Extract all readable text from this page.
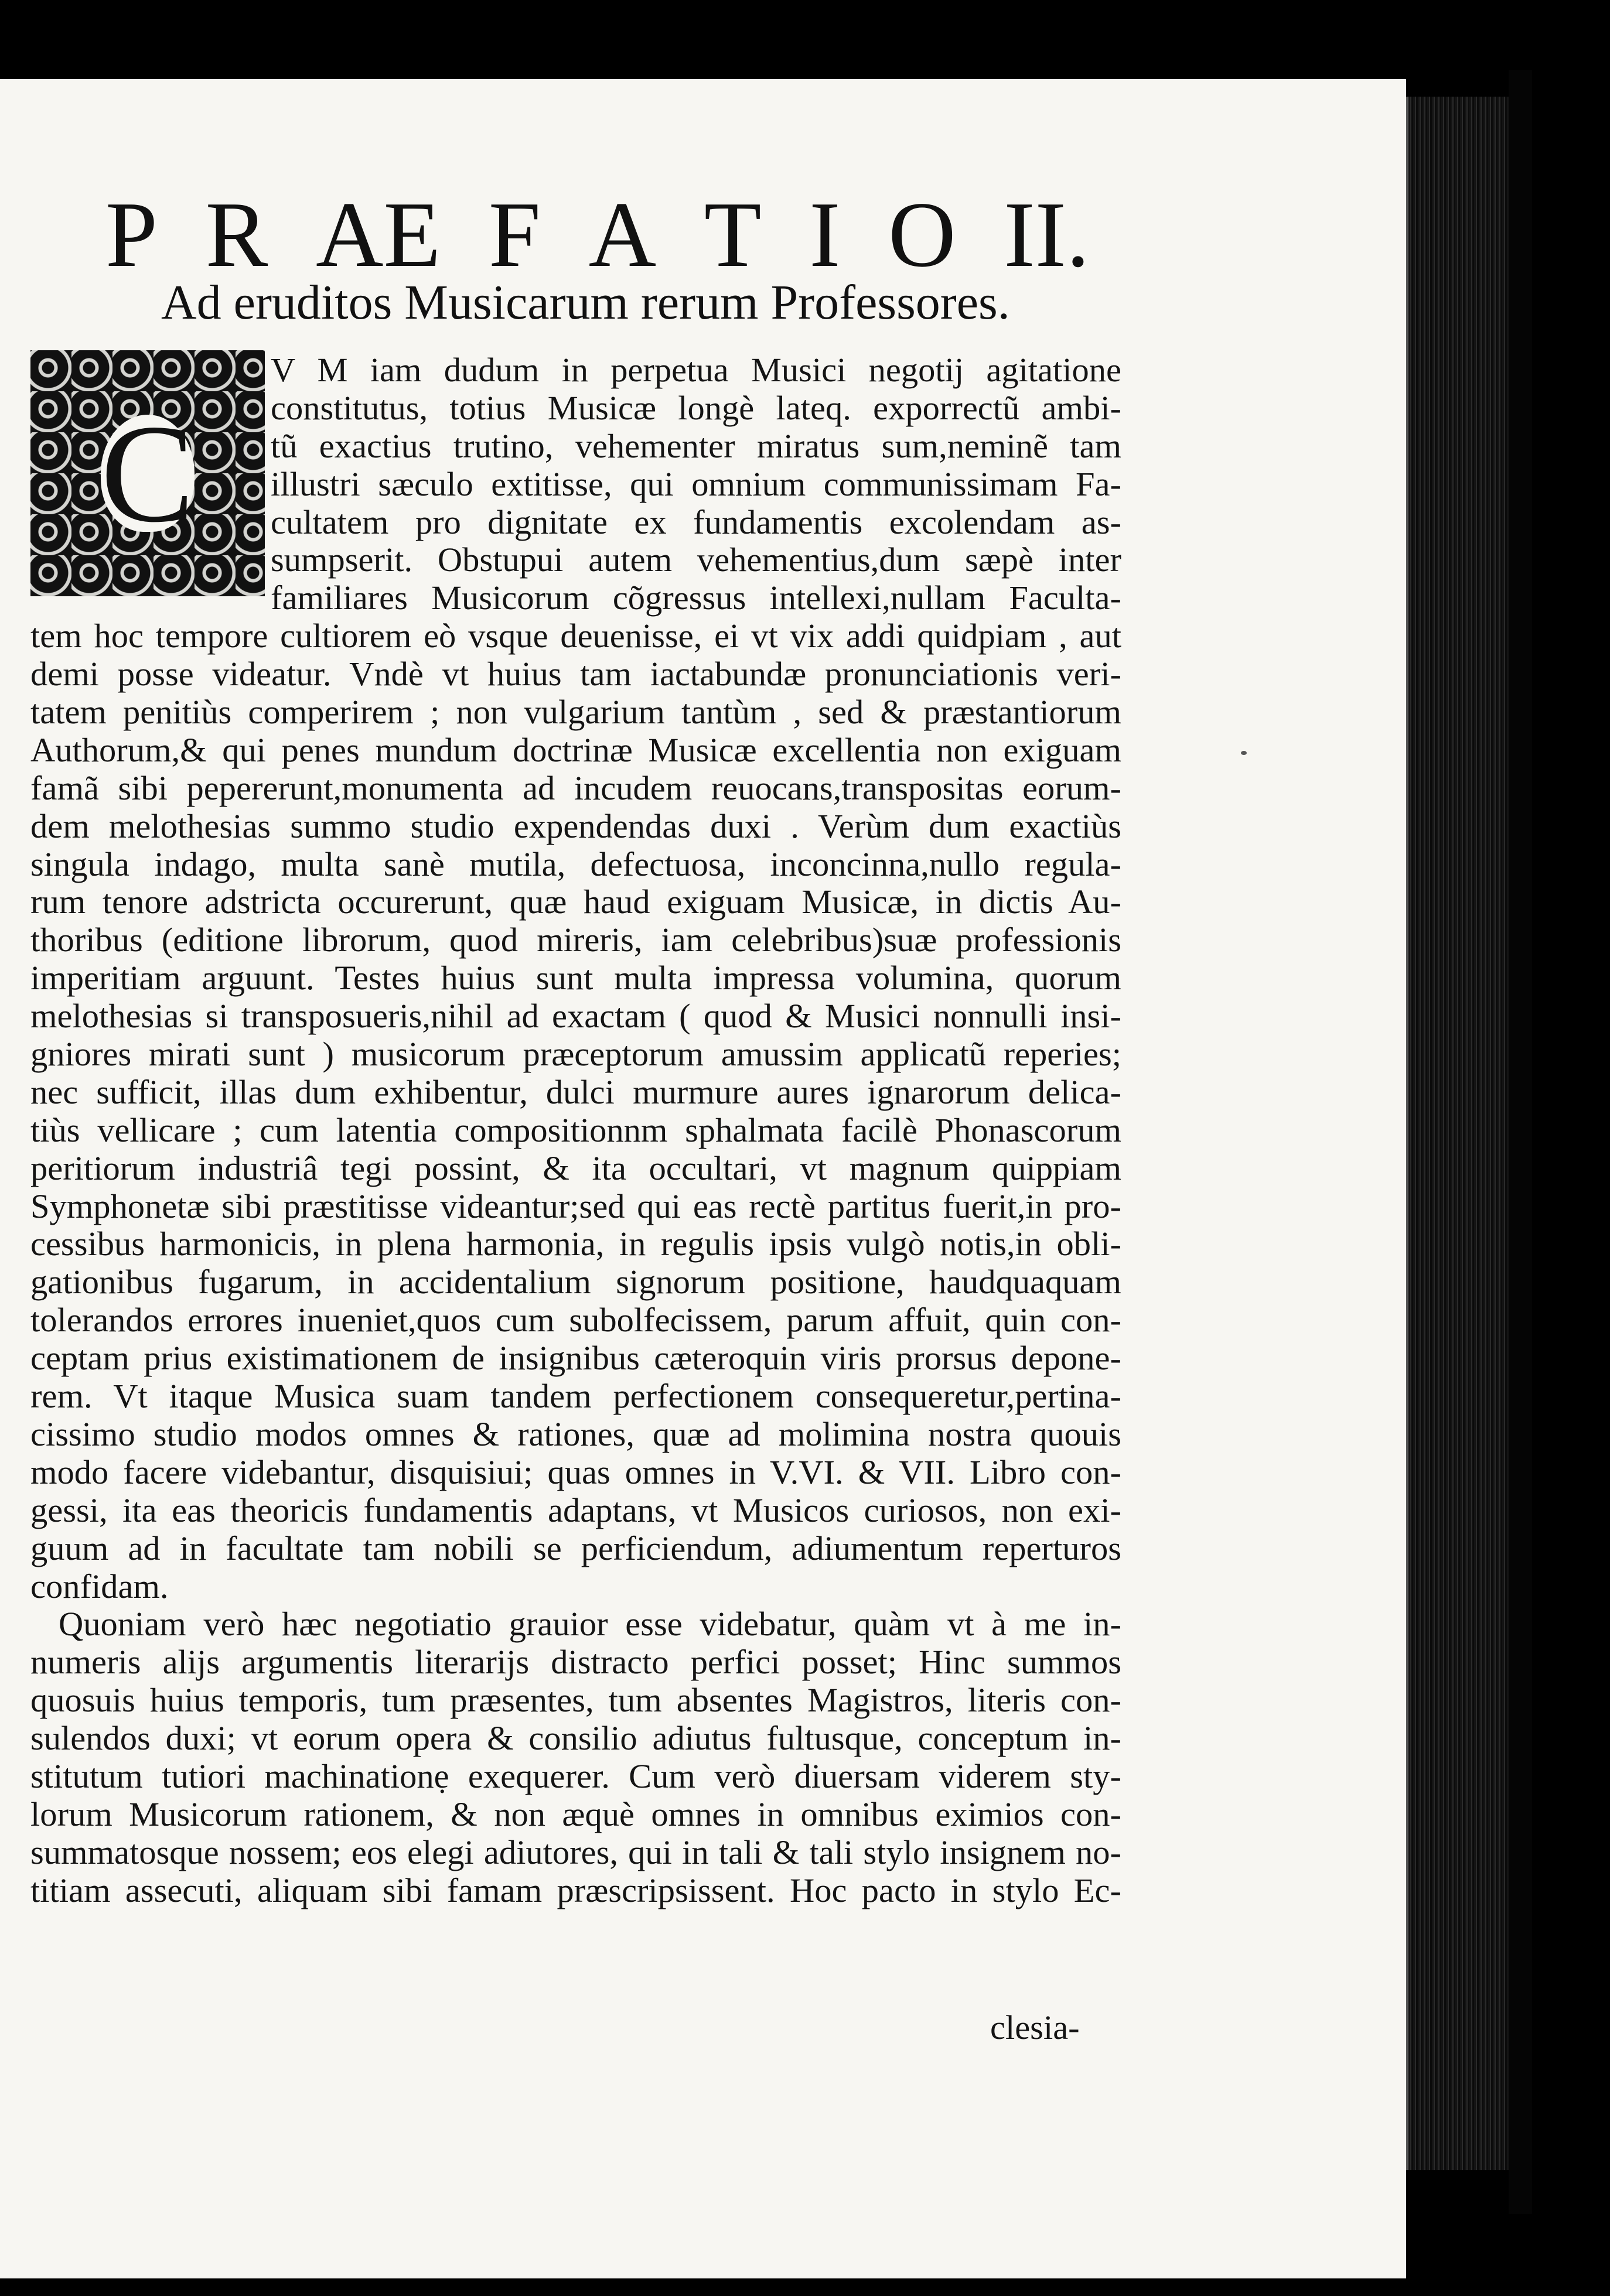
P R AE F A T I O II.
Ad eruditos Musicarum rerum Professores.
C
V M iam dudum in perpetua Musici negotij agitatione
constitutus, totius Musicæ longè lateq. exporrectũ ambi-
tũ exactius trutino, vehementer miratus sum,neminẽ tam
illustri sæculo extitisse, qui omnium communissimam Fa-
cultatem pro dignitate ex fundamentis excolendam as-
sumpserit. Obstupui autem vehementius,dum sæpè inter
familiares Musicorum cõgressus intellexi,nullam Faculta-
tem hoc tempore cultiorem eò vsque deuenisse, ei vt vix addi quidpiam , aut
demi posse videatur. Vndè vt huius tam iactabundæ pronunciationis veri-
tatem penitiùs comperirem ; non vulgarium tantùm , sed & præstantiorum
Authorum,& qui penes mundum doctrinæ Musicæ excellentia non exiguam
famã sibi pepererunt,monumenta ad incudem reuocans,transpositas eorum-
dem melothesias summo studio expendendas duxi . Verùm dum exactiùs
singula indago, multa sanè mutila, defectuosa, inconcinna,nullo regula-
rum tenore adstricta occurerunt, quæ haud exiguam Musicæ, in dictis Au-
thoribus (editione librorum, quod mireris, iam celebribus)suæ professionis
imperitiam arguunt. Testes huius sunt multa impressa volumina, quorum
melothesias si transposueris,nihil ad exactam ( quod & Musici nonnulli insi-
gniores mirati sunt ) musicorum præceptorum amussim applicatũ reperies;
nec sufficit, illas dum exhibentur, dulci murmure aures ignarorum delica-
tiùs vellicare ; cum latentia compositionnm sphalmata facilè Phonascorum
peritiorum industriâ tegi possint, & ita occultari, vt magnum quippiam
Symphonetæ sibi præstitisse videantur;sed qui eas rectè partitus fuerit,in pro-
cessibus harmonicis, in plena harmonia, in regulis ipsis vulgò notis,in obli-
gationibus fugarum, in accidentalium signorum positione, haudquaquam
tolerandos errores inueniet,quos cum subolfecissem, parum affuit, quin con-
ceptam prius existimationem de insignibus cæteroquin viris prorsus depone-
rem. Vt itaque Musica suam tandem perfectionem consequeretur,pertina-
cissimo studio modos omnes & rationes, quæ ad molimina nostra quouis
modo facere videbantur, disquisiui; quas omnes in V.VI. & VII. Libro con-
gessi, ita eas theoricis fundamentis adaptans, vt Musicos curiosos, non exi-
guum ad in facultate tam nobili se perficiendum, adiumentum reperturos
confidam.
Quoniam verò hæc negotiatio grauior esse videbatur, quàm vt à me in-
numeris alijs argumentis literarijs distracto perfici posset; Hinc summos
quosuis huius temporis, tum præsentes, tum absentes Magistros, literis con-
sulendos duxi; vt eorum opera & consilio adiutus fultusque, conceptum in-
stitutum tutiori machinationẹ exequerer. Cum verò diuersam viderem sty-
lorum Musicorum rationem, & non æquè omnes in omnibus eximios con-
summatosque nossem; eos elegi adiutores, qui in tali & tali stylo insignem no-
titiam assecuti, aliquam sibi famam præscripsissent. Hoc pacto in stylo Ec-
clesia-
